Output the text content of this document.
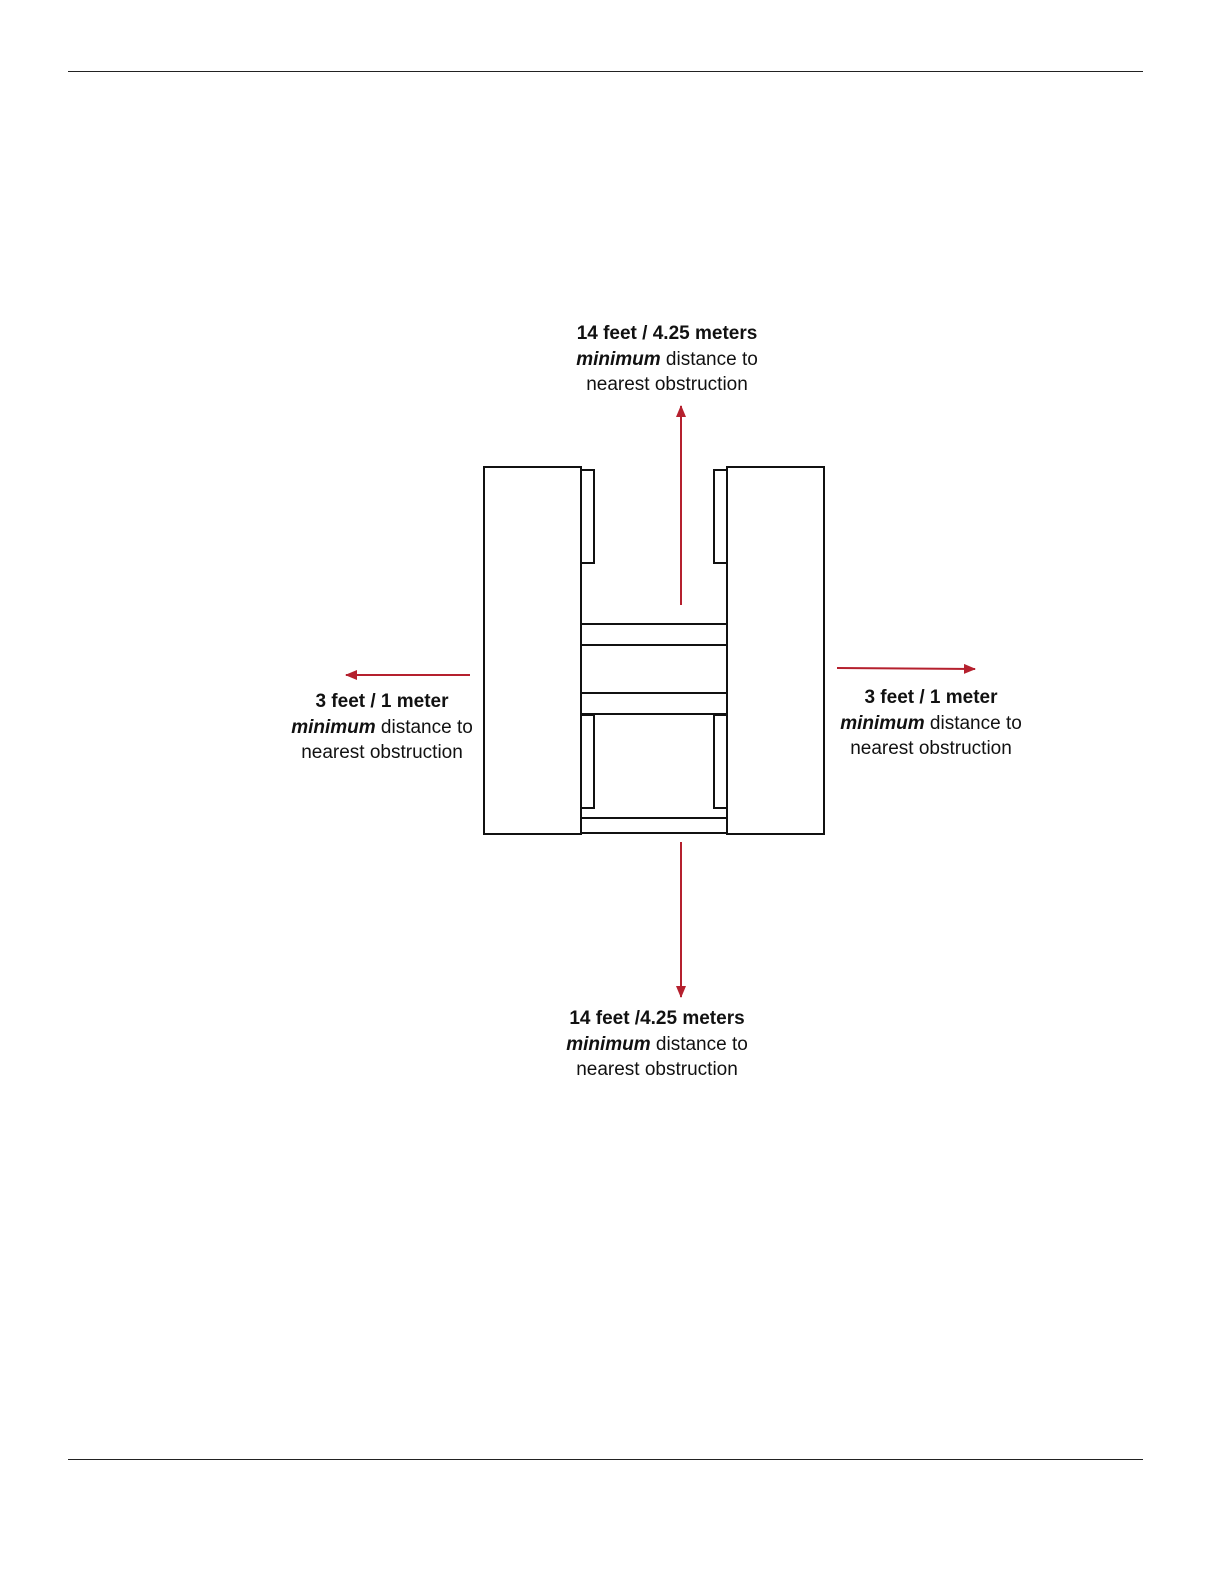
14 feet / 4.25 meters
minimum distance to
nearest obstruction
3 feet / 1 meter
minimum distance to
nearest obstruction
3 feet / 1 meter
minimum distance to
nearest obstruction
14 feet /4.25 meters
minimum distance to
nearest obstruction
